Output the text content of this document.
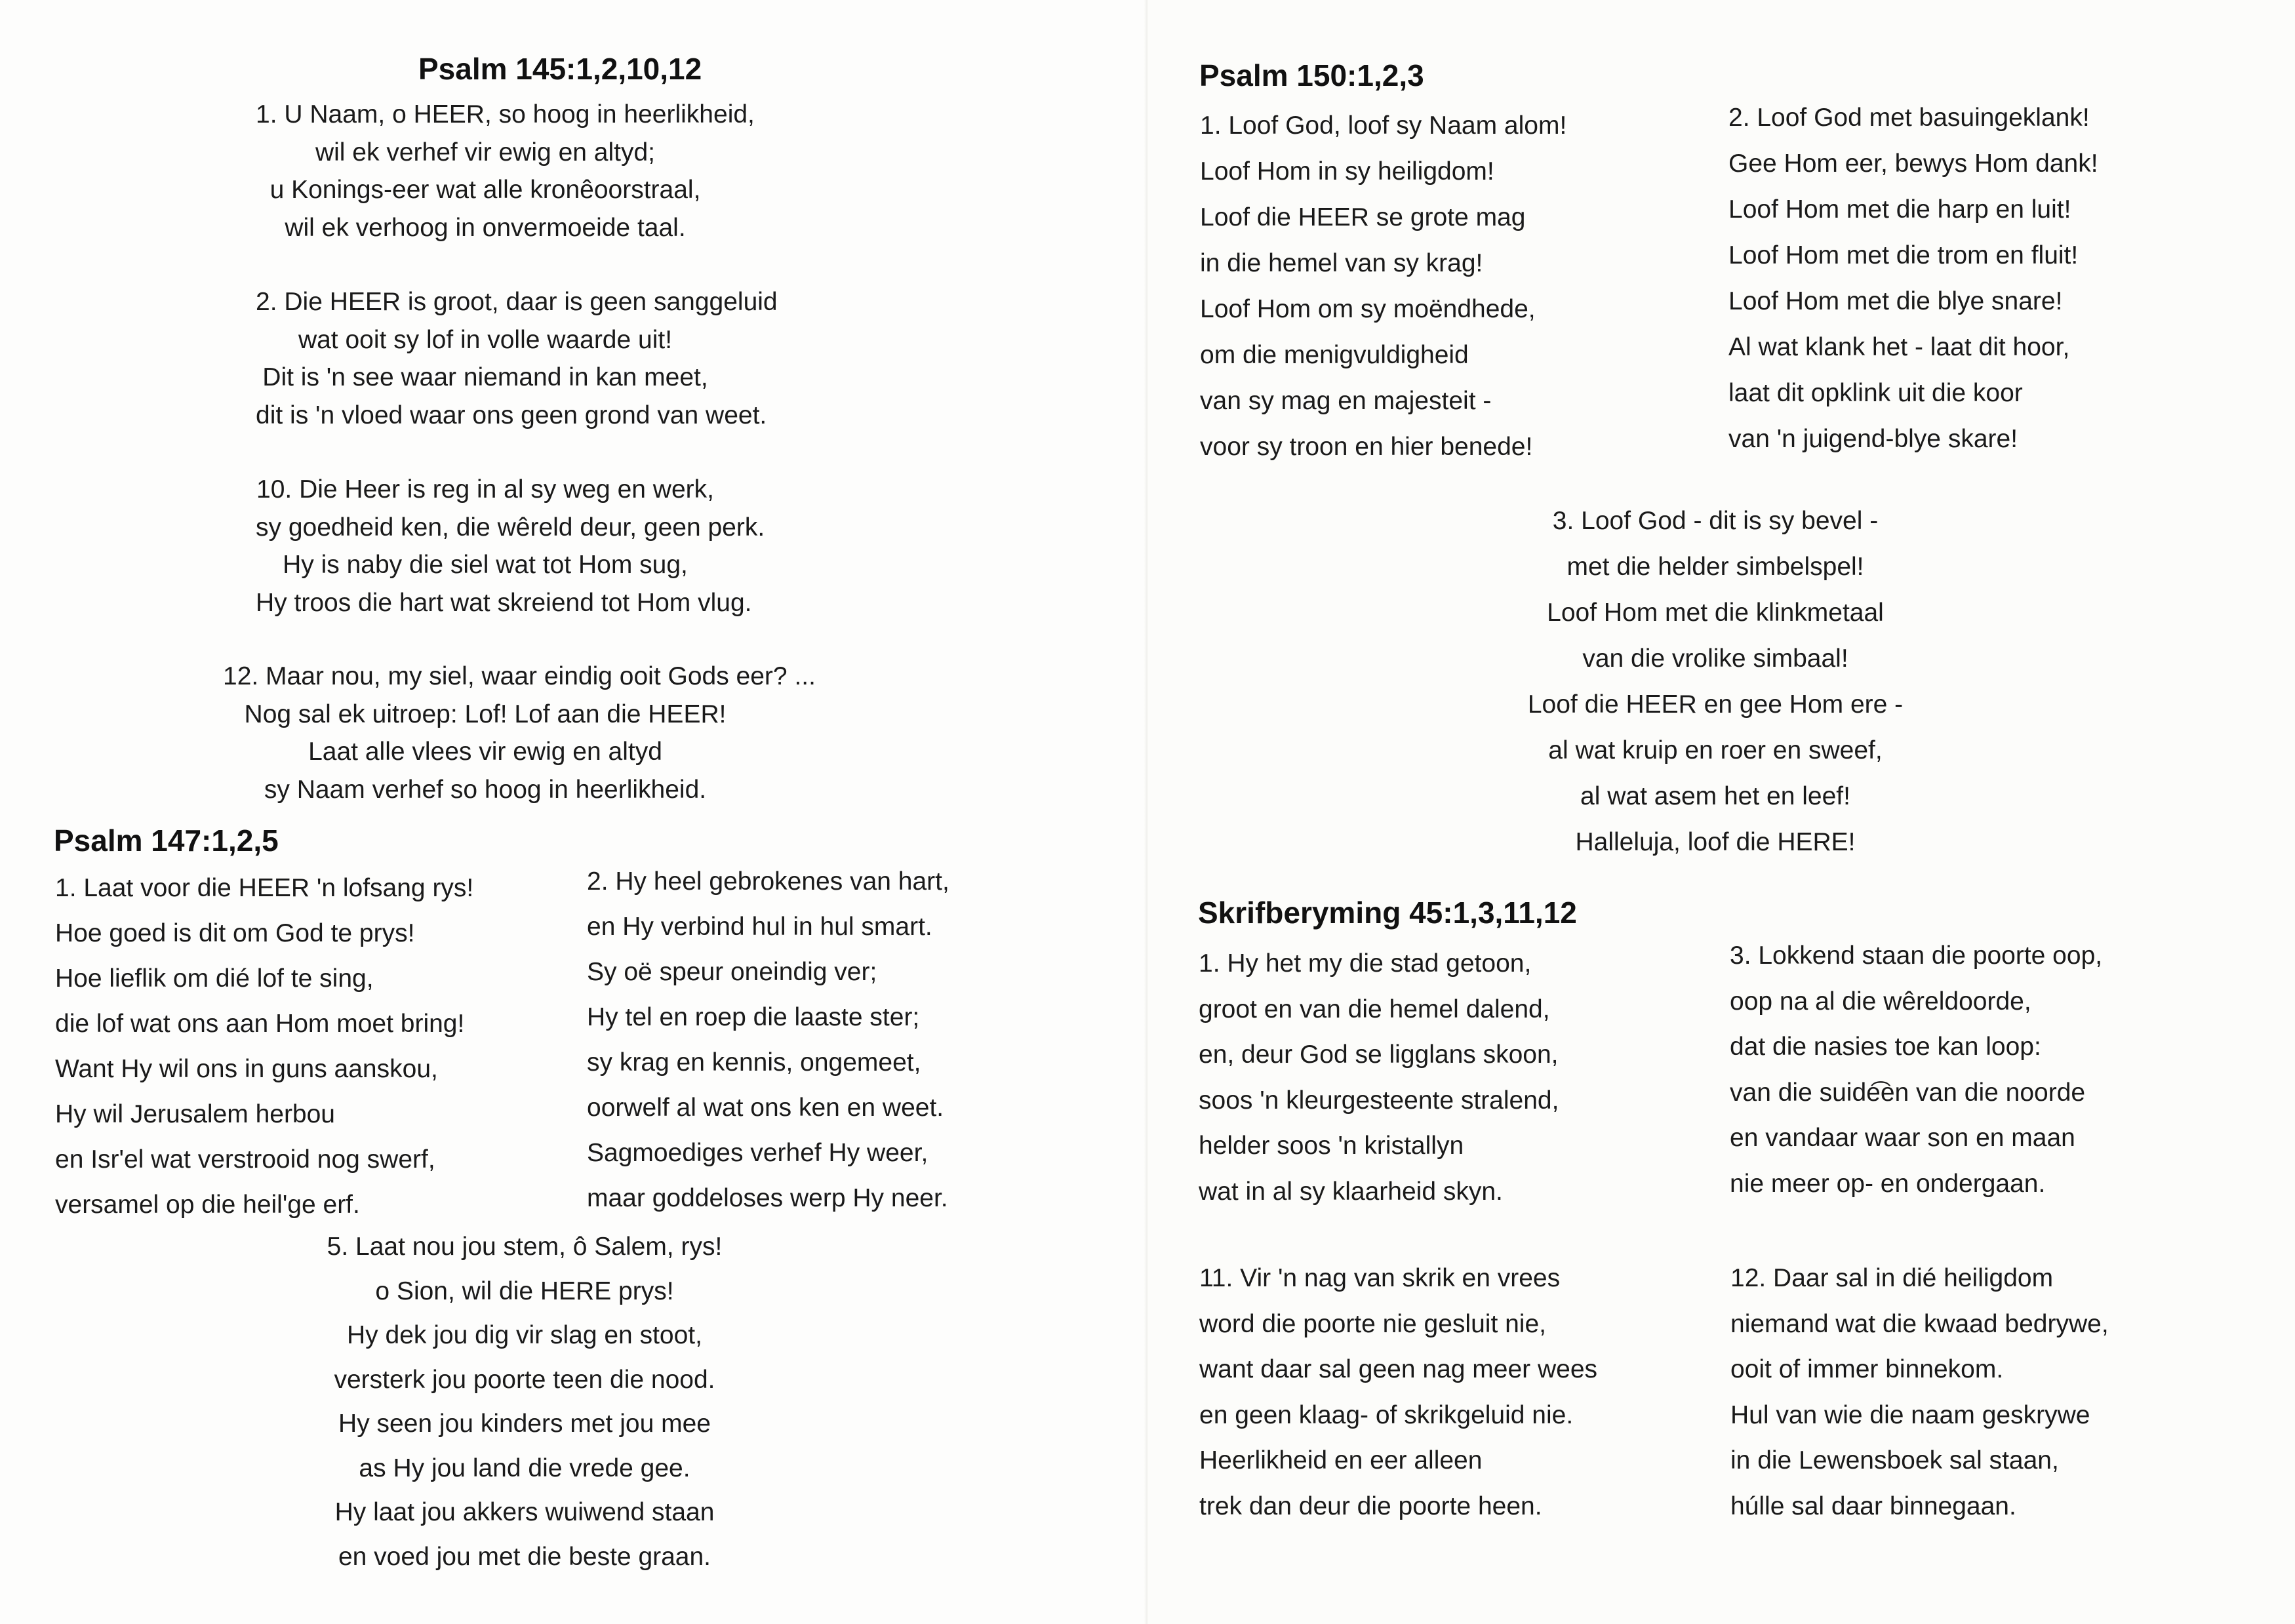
Psalm 145:1,2,10,12
1. U Naam, o HEER, so hoog in heerlikheid,
wil ek verhef vir ewig en altyd;
u Konings-eer wat alle kronêoorstraal,
wil ek verhoog in onvermoeide taal.
2. Die HEER is groot, daar is geen sanggeluid
wat ooit sy lof in volle waarde uit!
Dit is 'n see waar niemand in kan meet,
dit is 'n vloed waar ons geen grond van weet.
10. Die Heer is reg in al sy weg en werk,
sy goedheid ken, die wêreld deur, geen perk.
Hy is naby die siel wat tot Hom sug,
Hy troos die hart wat skreiend tot Hom vlug.
12. Maar nou, my siel, waar eindig ooit Gods eer? ...
Nog sal ek uitroep: Lof! Lof aan die HEER!
Laat alle vlees vir ewig en altyd
sy Naam verhef so hoog in heerlikheid.
Psalm 147:1,2,5
1. Laat voor die HEER 'n lofsang rys!
Hoe goed is dit om God te prys!
Hoe lieflik om dié lof te sing,
die lof wat ons aan Hom moet bring!
Want Hy wil ons in guns aanskou,
Hy wil Jerusalem herbou
en Isr'el wat verstrooid nog swerf,
versamel op die heil'ge erf.
2. Hy heel gebrokenes van hart,
en Hy verbind hul in hul smart.
Sy oë speur oneindig ver;
Hy tel en roep die laaste ster;
sy krag en kennis, ongemeet,
oorwelf al wat ons ken en weet.
Sagmoediges verhef Hy weer,
maar goddeloses werp Hy neer.
5. Laat nou jou stem, ô Salem, rys!
o Sion, wil die HERE prys!
Hy dek jou dig vir slag en stoot,
versterk jou poorte teen die nood.
Hy seen jou kinders met jou mee
as Hy jou land die vrede gee.
Hy laat jou akkers wuiwend staan
en voed jou met die beste graan.
Psalm 150:1,2,3
1. Loof God, loof sy Naam alom!
Loof Hom in sy heiligdom!
Loof die HEER se grote mag
in die hemel van sy krag!
Loof Hom om sy moëndhede,
om die menigvuldigheid
van sy mag en majesteit -
voor sy troon en hier benede!
2. Loof God met basuingeklank!
Gee Hom eer, bewys Hom dank!
Loof Hom met die harp en luit!
Loof Hom met die trom en fluit!
Loof Hom met die blye snare!
Al wat klank het - laat dit hoor,
laat dit opklink uit die koor
van 'n juigend-blye skare!
3. Loof God - dit is sy bevel -
met die helder simbelspel!
Loof Hom met die klinkmetaal
van die vrolike simbaal!
Loof die HEER en gee Hom ere -
al wat kruip en roer en sweef,
al wat asem het en leef!
Halleluja, loof die HERE!
Skrifberyming 45:1,3,11,12
1. Hy het my die stad getoon,
groot en van die hemel dalend,
en, deur God se ligglans skoon,
soos 'n kleurgesteente stralend,
helder soos 'n kristallyn
wat in al sy klaarheid skyn.
3. Lokkend staan die poorte oop,
oop na al die wêreldoorde,
dat die nasies toe kan loop:
van die suide͡en van die noorde
en vandaar waar son en maan
nie meer op- en ondergaan.
11. Vir 'n nag van skrik en vrees
word die poorte nie gesluit nie,
want daar sal geen nag meer wees
en geen klaag- of skrikgeluid nie.
Heerlikheid en eer alleen
trek dan deur die poorte heen.
12. Daar sal in dié heiligdom
niemand wat die kwaad bedrywe,
ooit of immer binnekom.
Hul van wie die naam geskrywe
in die Lewensboek sal staan,
húlle sal daar binnegaan.
